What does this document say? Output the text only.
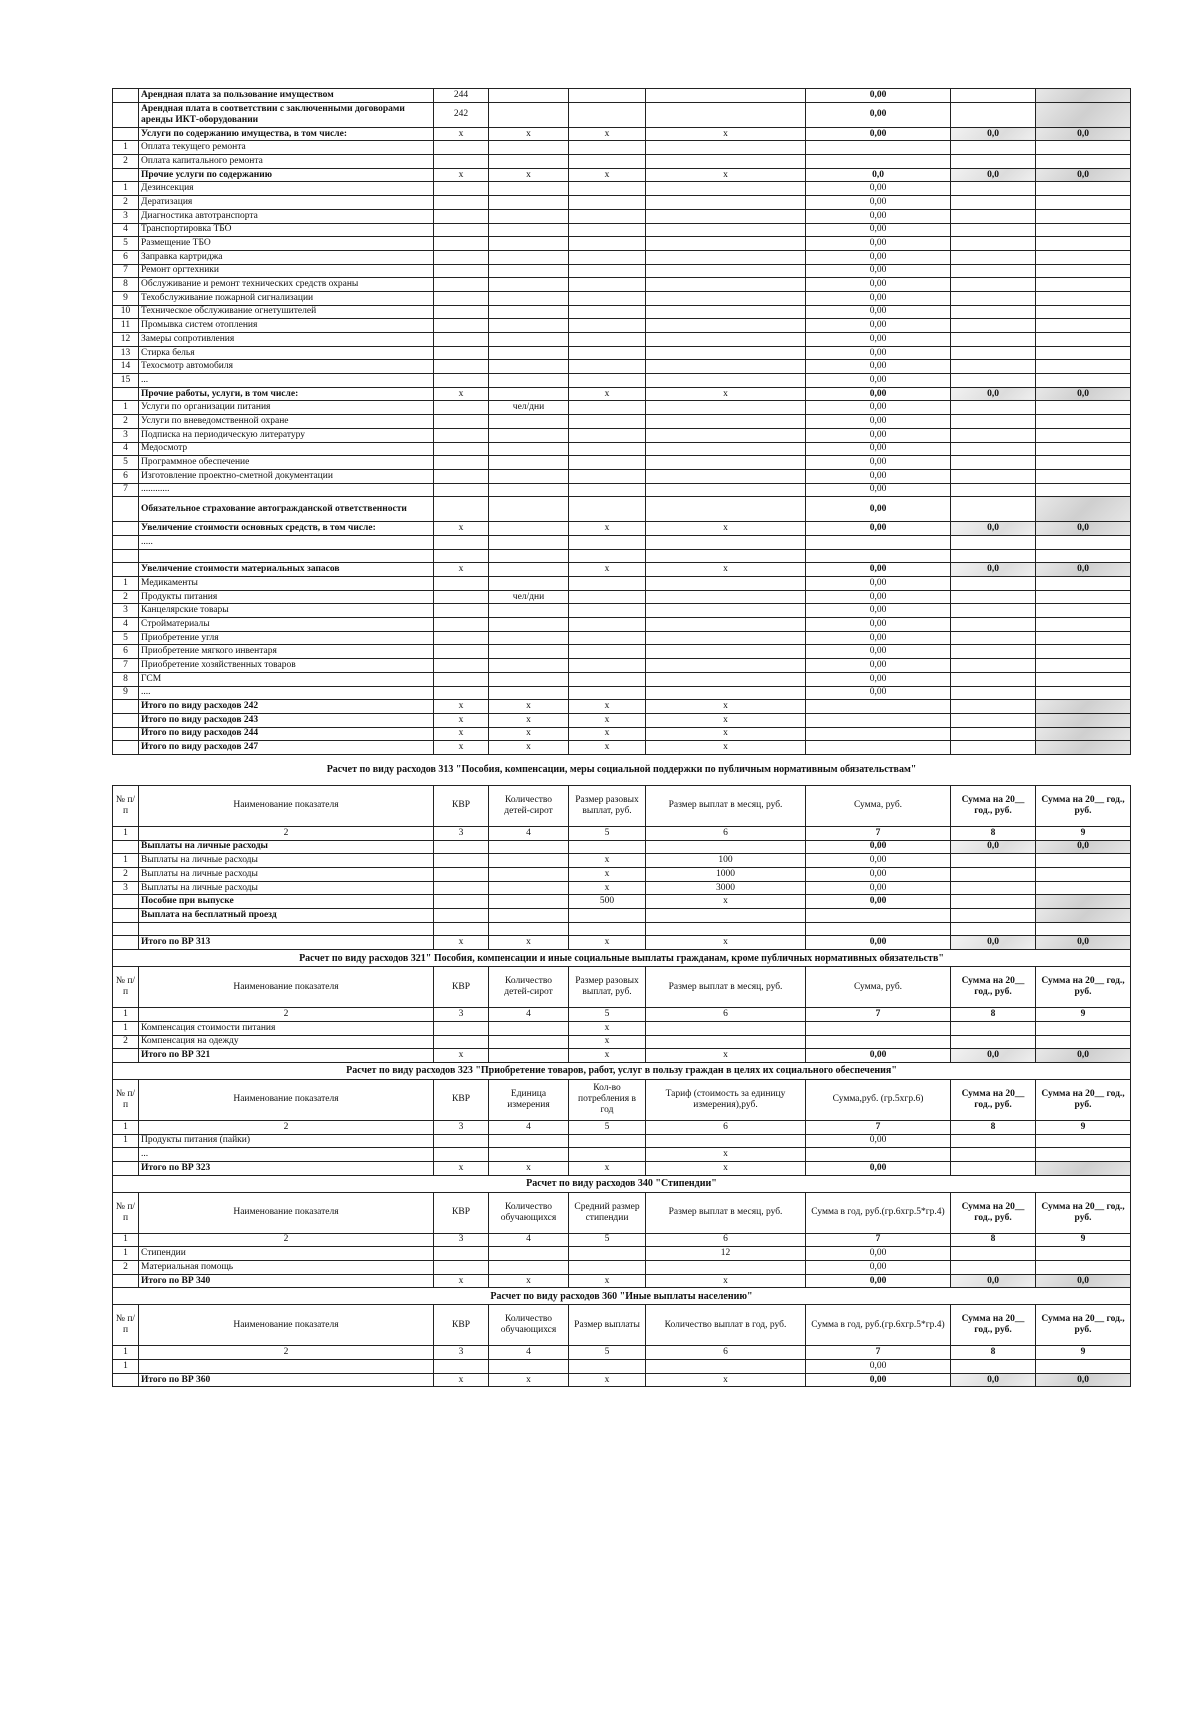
	Арендная плата за пользование имуществом	244				0,00		
	Арендная плата в соответствии с заключенными договорами аренды ИКТ-оборудовании	242				0,00		
	Услуги по содержанию имущества, в том числе:	x	x	x	x	0,00	0,0	0,0
1	Оплата текущего ремонта							
2	Оплата капитального ремонта							
	Прочие услуги по содержанию	x	x	x	x	0,0	0,0	0,0
1	Дезинсекция					0,00		
2	Дератизация					0,00		
3	Диагностика автотранспорта					0,00		
4	Транспортировка ТБО					0,00		
5	Размещение ТБО					0,00		
6	Заправка картриджа					0,00		
7	Ремонт оргтехники					0,00		
8	Обслуживание и ремонт технических средств охраны					0,00		
9	Техобслуживание пожарной сигнализации					0,00		
10	Техническое обслуживание огнетушителей					0,00		
11	Промывка систем отопления					0,00		
12	Замеры сопротивления					0,00		
13	Стирка белья					0,00		
14	Техосмотр автомобиля					0,00		
15	...					0,00		
	Прочие работы, услуги, в том числе:	x		x	x	0,00	0,0	0,0
1	Услуги по организации питания		чел/дни			0,00		
2	Услуги по вневедомственной охране					0,00		
3	Подписка на периодическую литературу					0,00		
4	Медосмотр					0,00		
5	Программное обеспечение					0,00		
6	Изготовление проектно-сметной документации					0,00		
7	............					0,00		
	Обязательное страхование автогражданской ответственности					0,00		
	Увеличение стоимости основных средств, в том числе:	x		x	x	0,00	0,0	0,0
	.....							

	Увеличение стоимости материальных запасов	x		x	x	0,00	0,0	0,0
1	Медикаменты					0,00		
2	Продукты питания		чел/дни			0,00		
3	Канцелярские товары					0,00		
4	Стройматериалы					0,00		
5	Приобретение угля					0,00		
6	Приобретение мягкого инвентаря					0,00		
7	Приобретение хозяйственных товаров					0,00		
8	ГСМ					0,00		
9	....					0,00		
	Итого по виду расходов 242	x	x	x	x			
	Итого по виду расходов 243	x	x	x	x			
	Итого по виду расходов 244	x	x	x	x			
	Итого по виду расходов 247	x	x	x	x			
Расчет по виду расходов 313 "Пособия, компенсации, меры социальной поддержки по публичным нормативным обязательствам"								
№ п/п	Наименование показателя	КВР	Количество детей-сирот	Размер разовых выплат, руб.	Размер выплат в месяц, руб.	Сумма, руб.	Сумма на 20__ год., руб.	Сумма на 20__ год., руб.
1	2	3	4	5	6	7	8	9
	Выплаты на личные расходы					0,00	0,0	0,0
1	Выплаты на личные расходы			x	100	0,00		
2	Выплаты на личные расходы			x	1000	0,00		
3	Выплаты на личные расходы			x	3000	0,00		
	Пособие при выпуске			500	x	0,00		
	Выплата на бесплатный проезд							

	Итого по ВР 313	x	x	x	x	0,00	0,0	0,0
Расчет по виду расходов 321" Пособия, компенсации и иные социальные выплаты гражданам, кроме публичных нормативных обязательств"								
№ п/п	Наименование показателя	КВР	Количество детей-сирот	Размер разовых выплат, руб.	Размер выплат в месяц, руб.	Сумма, руб.	Сумма на 20__ год., руб.	Сумма на 20__ год., руб.
1	2	3	4	5	6	7	8	9
1	Компенсация стоимости питания			x				
2	Компенсация на одежду			x				
	Итого по ВР 321	x		x	x	0,00	0,0	0,0
Расчет по виду расходов 323 "Приобретение товаров, работ, услуг в пользу граждан в целях их социального обеспечения"								
№ п/п	Наименование показателя	КВР	Единица измерения	Кол-во потребления в год	Тариф (стоимость за единицу измерения),руб.	Сумма,руб. (гр.5хгр.6)	Сумма на 20__ год., руб.	Сумма на 20__ год., руб.
1	2	3	4	5	6	7	8	9
1	Продукты питания (пайки)					0,00		
	...				x			
	Итого по ВР 323	x	x	x	x	0,00		
Расчет по виду расходов 340 "Стипендии"								
№ п/п	Наименование показателя	КВР	Количество обучающихся	Средний размер стипендии	Размер выплат в месяц, руб.	Сумма в год, руб.(гр.6хгр.5*гр.4)	Сумма на 20__ год., руб.	Сумма на 20__ год., руб.
1	2	3	4	5	6	7	8	9
1	Стипендии				12	0,00		
2	Материальная помощь					0,00		
	Итого по ВР 340	x	x	x	x	0,00	0,0	0,0
Расчет по виду расходов 360 "Иные выплаты населению"								
№ п/п	Наименование показателя	КВР	Количество обучающихся	Размер выплаты	Количество выплат в год, руб.	Сумма в год, руб.(гр.6хгр.5*гр.4)	Сумма на 20__ год., руб.	Сумма на 20__ год., руб.
1	2	3	4	5	6	7	8	9
1						0,00		
	Итого по ВР 360	x	x	x	x	0,00	0,0	0,0
